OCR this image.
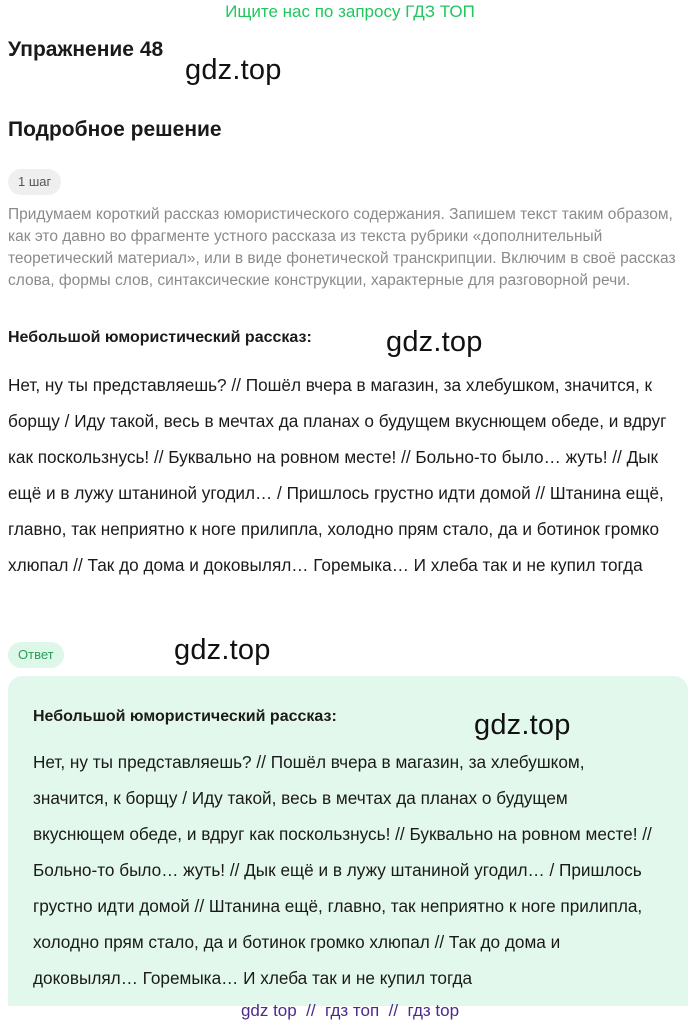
Ищите нас по запросу ГДЗ ТОП
Упражнение 48
gdz.top
Подробное решение
1 шаг
Придумаем короткий рассказ юмористического содержания. Запишем текст таким образом, как это давно во фрагменте устного рассказа из текста рубрики «дополнительный теоретический материал», или в виде фонетической транскрипции. Включим в своё рассказ слова, формы слов, синтаксические конструкции, характерные для разговорной речи.
Небольшой юмористический рассказ:	gdz.top
Нет, ну ты представляешь? // Пошёл вчера в магазин, за хлебушком, значится, к борщу / Иду такой, весь в мечтах да планах о будущем вкуснющем обеде, и вдруг как поскользнусь! // Буквально на ровном месте! // Больно-то было… жуть! // Дык ещё и в лужу штаниной угодил… / Пришлось грустно идти домой // Штанина ещё, главно, так неприятно к ноге прилипла, холодно прям стало, да и ботинок громко хлюпал // Так до дома и доковылял… Горемыка… И хлеба так и не купил тогда
Ответ	gdz.top
Небольшой юмористический рассказ:	gdz.top
Нет, ну ты представляешь? // Пошёл вчера в магазин, за хлебушком, значится, к борщу / Иду такой, весь в мечтах да планах о будущем вкуснющем обеде, и вдруг как поскользнусь! // Буквально на ровном месте! // Больно-то было… жуть! // Дык ещё и в лужу штаниной угодил… / Пришлось грустно идти домой // Штанина ещё, главно, так неприятно к ноге прилипла, холодно прям стало, да и ботинок громко хлюпал // Так до дома и доковылял… Горемыка… И хлеба так и не купил тогда
gdz top  //  гдз топ  //  гдз top
